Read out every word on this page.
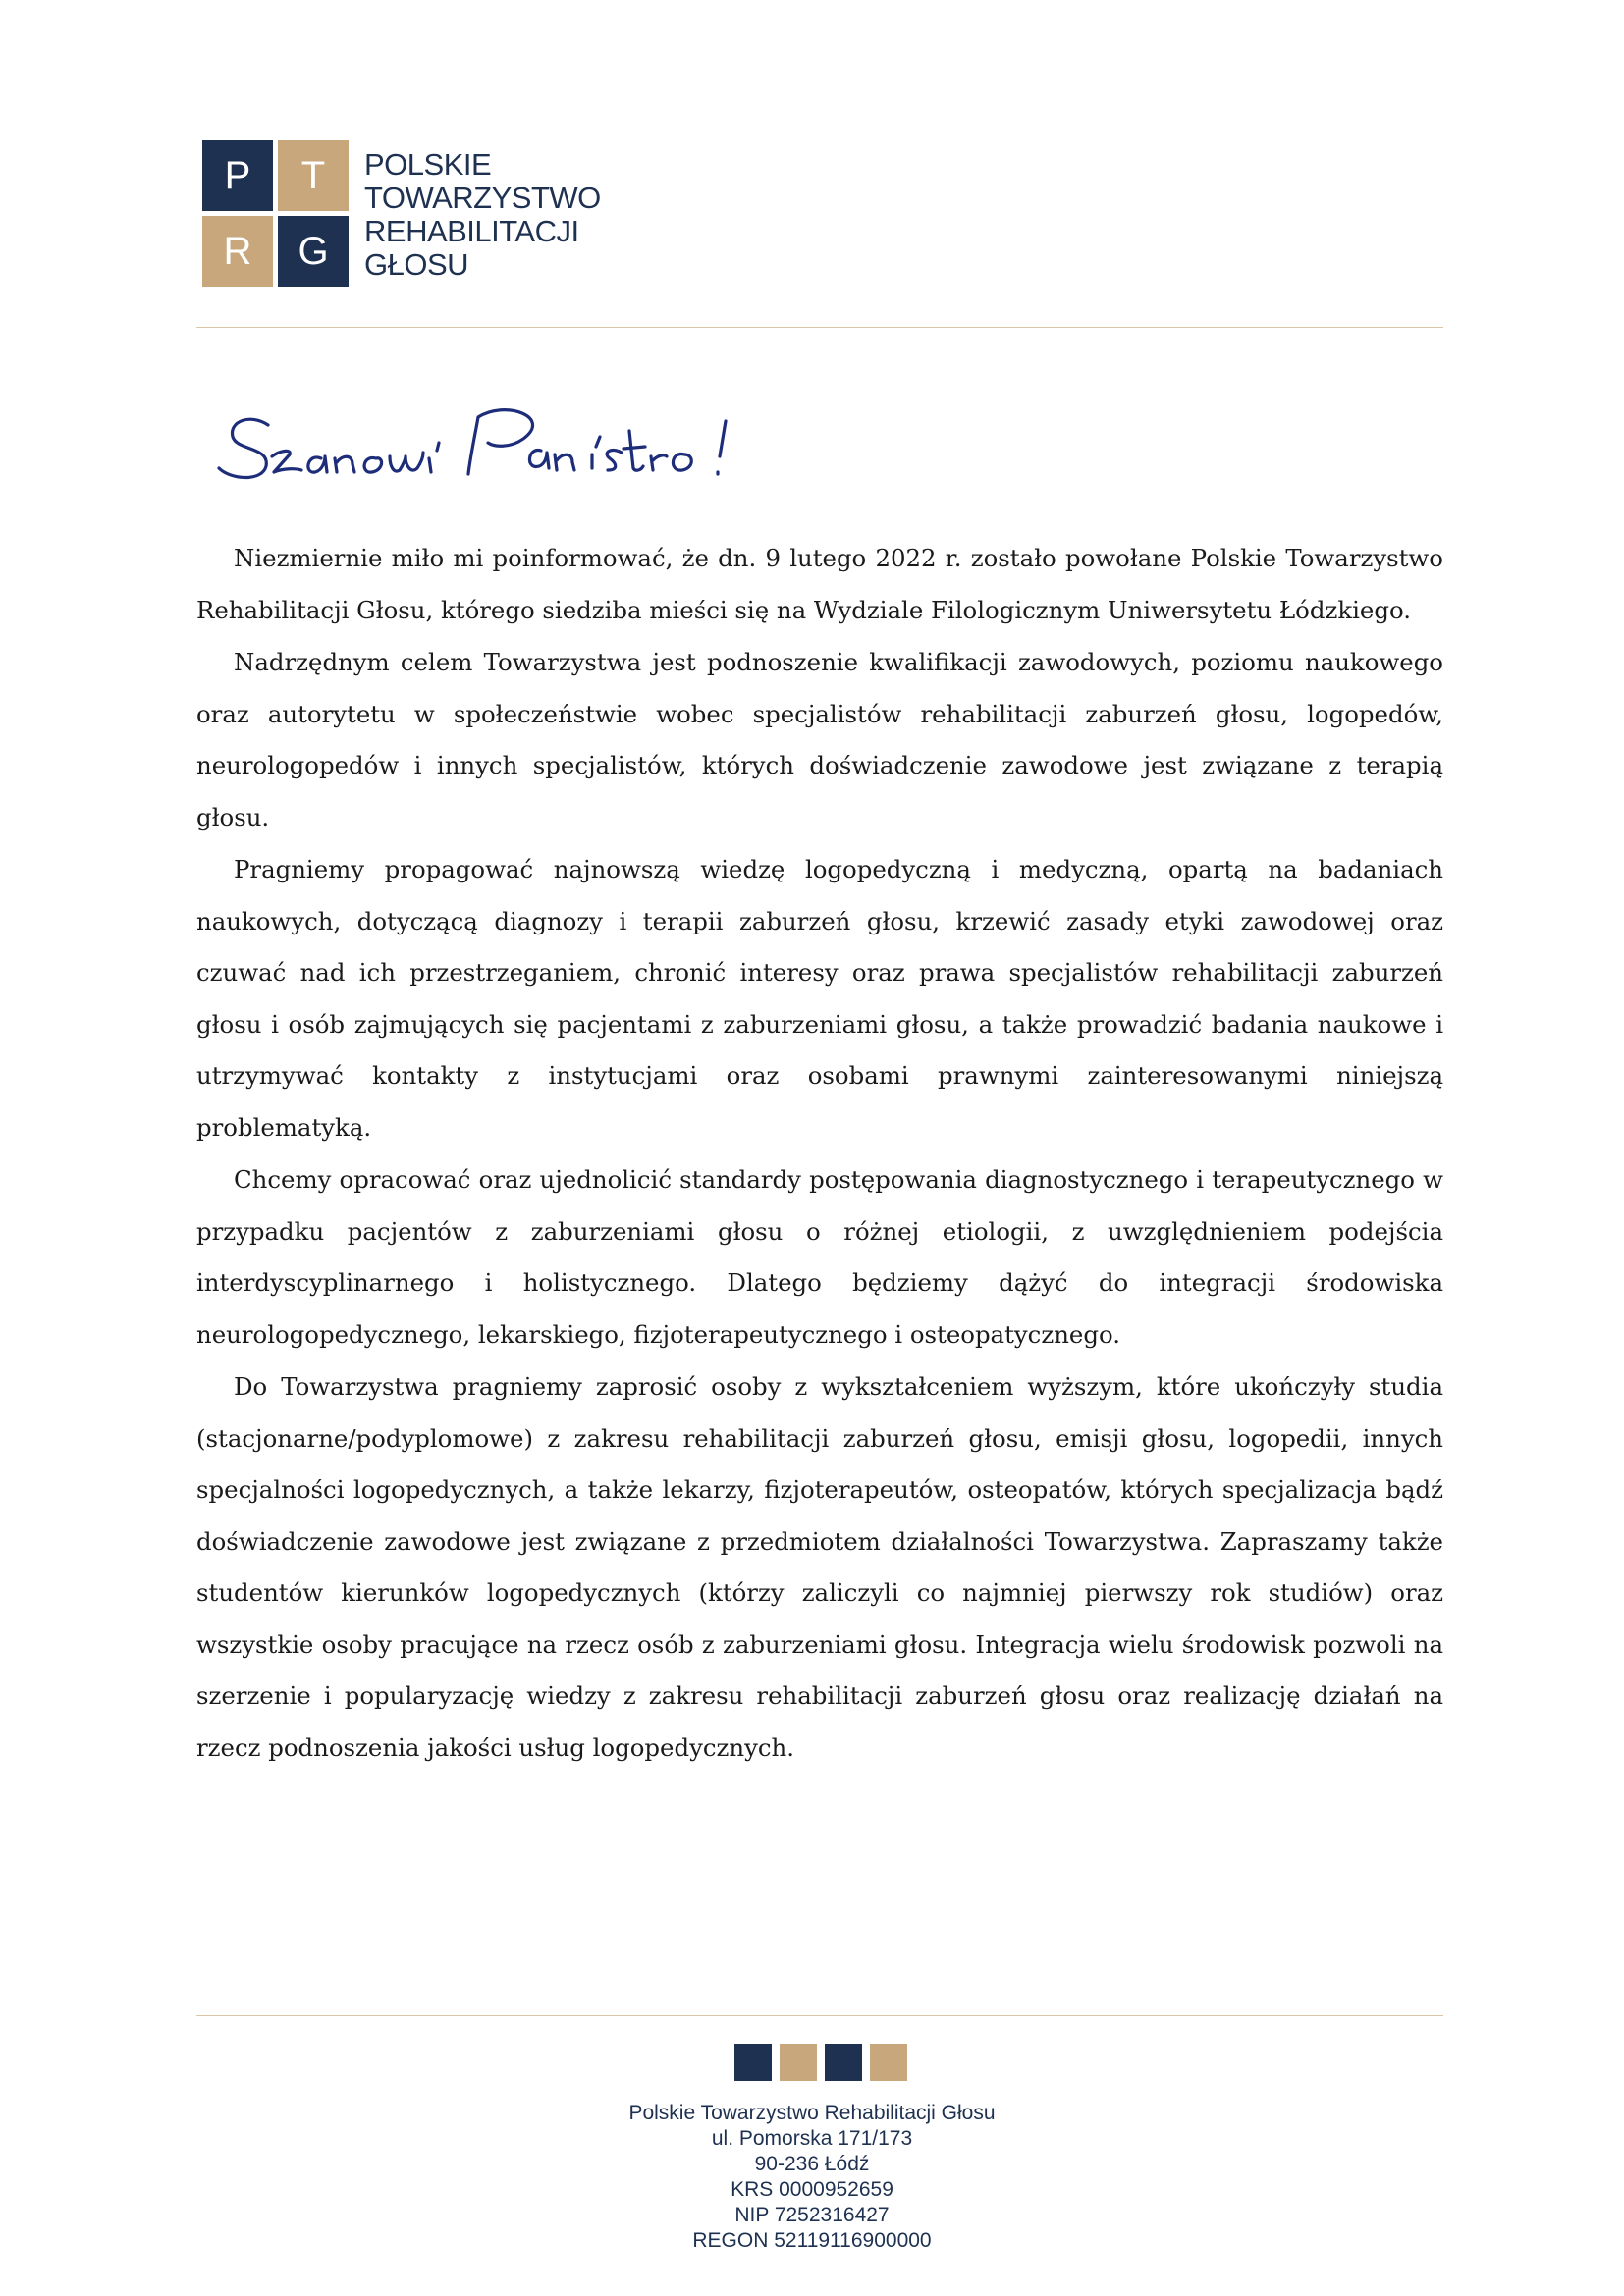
P	T
R	G
POLSKIE
TOWARZYSTWO
REHABILITACJI
GŁOSU

Niezmiernie miło mi poinformować, że dn. 9 lutego 2022 r. zostało powołane Polskie Towarzystwo Rehabilitacji Głosu, którego siedziba mieści się na Wydziale Filologicznym Uniwersytetu Łódzkiego.

Nadrzędnym celem Towarzystwa jest podnoszenie kwalifikacji zawodowych, poziomu naukowego oraz autorytetu w społeczeństwie wobec specjalistów rehabilitacji zaburzeń głosu, logopedów, neurologopedów i innych specjalistów, których doświadczenie zawodowe jest związane z terapią głosu.

Pragniemy propagować najnowszą wiedzę logopedyczną i medyczną, opartą na badaniach naukowych, dotyczącą diagnozy i terapii zaburzeń głosu, krzewić zasady etyki zawodowej oraz czuwać nad ich przestrzeganiem, chronić interesy oraz prawa specjalistów rehabilitacji zaburzeń głosu i osób zajmujących się pacjentami z zaburzeniami głosu, a także prowadzić badania naukowe i utrzymywać kontakty z instytucjami oraz osobami prawnymi zainteresowanymi niniejszą problematyką.

Chcemy opracować oraz ujednolicić standardy postępowania diagnostycznego i terapeutycznego w przypadku pacjentów z zaburzeniami głosu o różnej etiologii, z uwzględnieniem podejścia interdyscyplinarnego i holistycznego. Dlatego będziemy dążyć do integracji środowiska neurologopedycznego, lekarskiego, fizjoterapeutycznego i osteopatycznego.

Do Towarzystwa pragniemy zaprosić osoby z wykształceniem wyższym, które ukończyły studia (stacjonarne/podyplomowe) z zakresu rehabilitacji zaburzeń głosu, emisji głosu, logopedii, innych specjalności logopedycznych, a także lekarzy, fizjoterapeutów, osteopatów, których specjalizacja bądź doświadczenie zawodowe jest związane z przedmiotem działalności Towarzystwa. Zapraszamy także studentów kierunków logopedycznych (którzy zaliczyli co najmniej pierwszy rok studiów) oraz wszystkie osoby pracujące na rzecz osób z zaburzeniami głosu. Integracja wielu środowisk pozwoli na szerzenie i popularyzację wiedzy z zakresu rehabilitacji zaburzeń głosu oraz realizację działań na rzecz podnoszenia jakości usług logopedycznych.

Polskie Towarzystwo Rehabilitacji Głosu
ul. Pomorska 171/173
90-236 Łódź
KRS 0000952659
NIP 7252316427
REGON 52119116900000
